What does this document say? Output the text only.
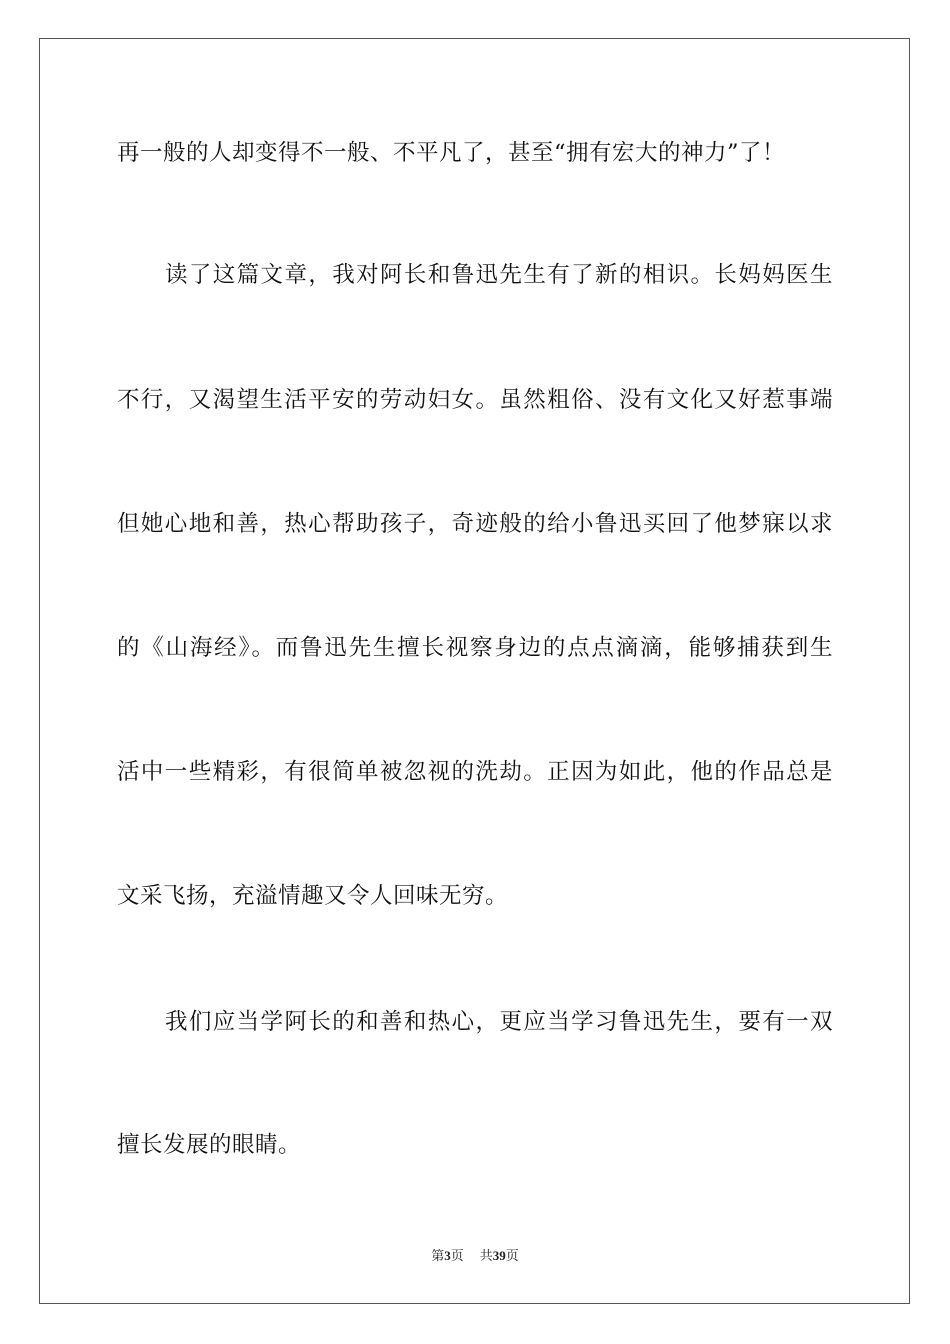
再一般的人却变得不一般、不平凡了，甚至“拥有宏大的神力”了！
读了这篇文章，我对阿长和鲁迅先生有了新的相识。长妈妈医生
不行，又渴望生活平安的劳动妇女。虽然粗俗、没有文化又好惹事端
但她心地和善，热心帮助孩子，奇迹般的给小鲁迅买回了他梦寐以求
的《山海经》。而鲁迅先生擅长视察身边的点点滴滴，能够捕获到生
活中一些精彩，有很简单被忽视的洗劫。正因为如此，他的作品总是
文采飞扬，充溢情趣又令人回味无穷。
我们应当学阿长的和善和热心，更应当学习鲁迅先生，要有一双
擅长发展的眼睛。
第3页 共39页
